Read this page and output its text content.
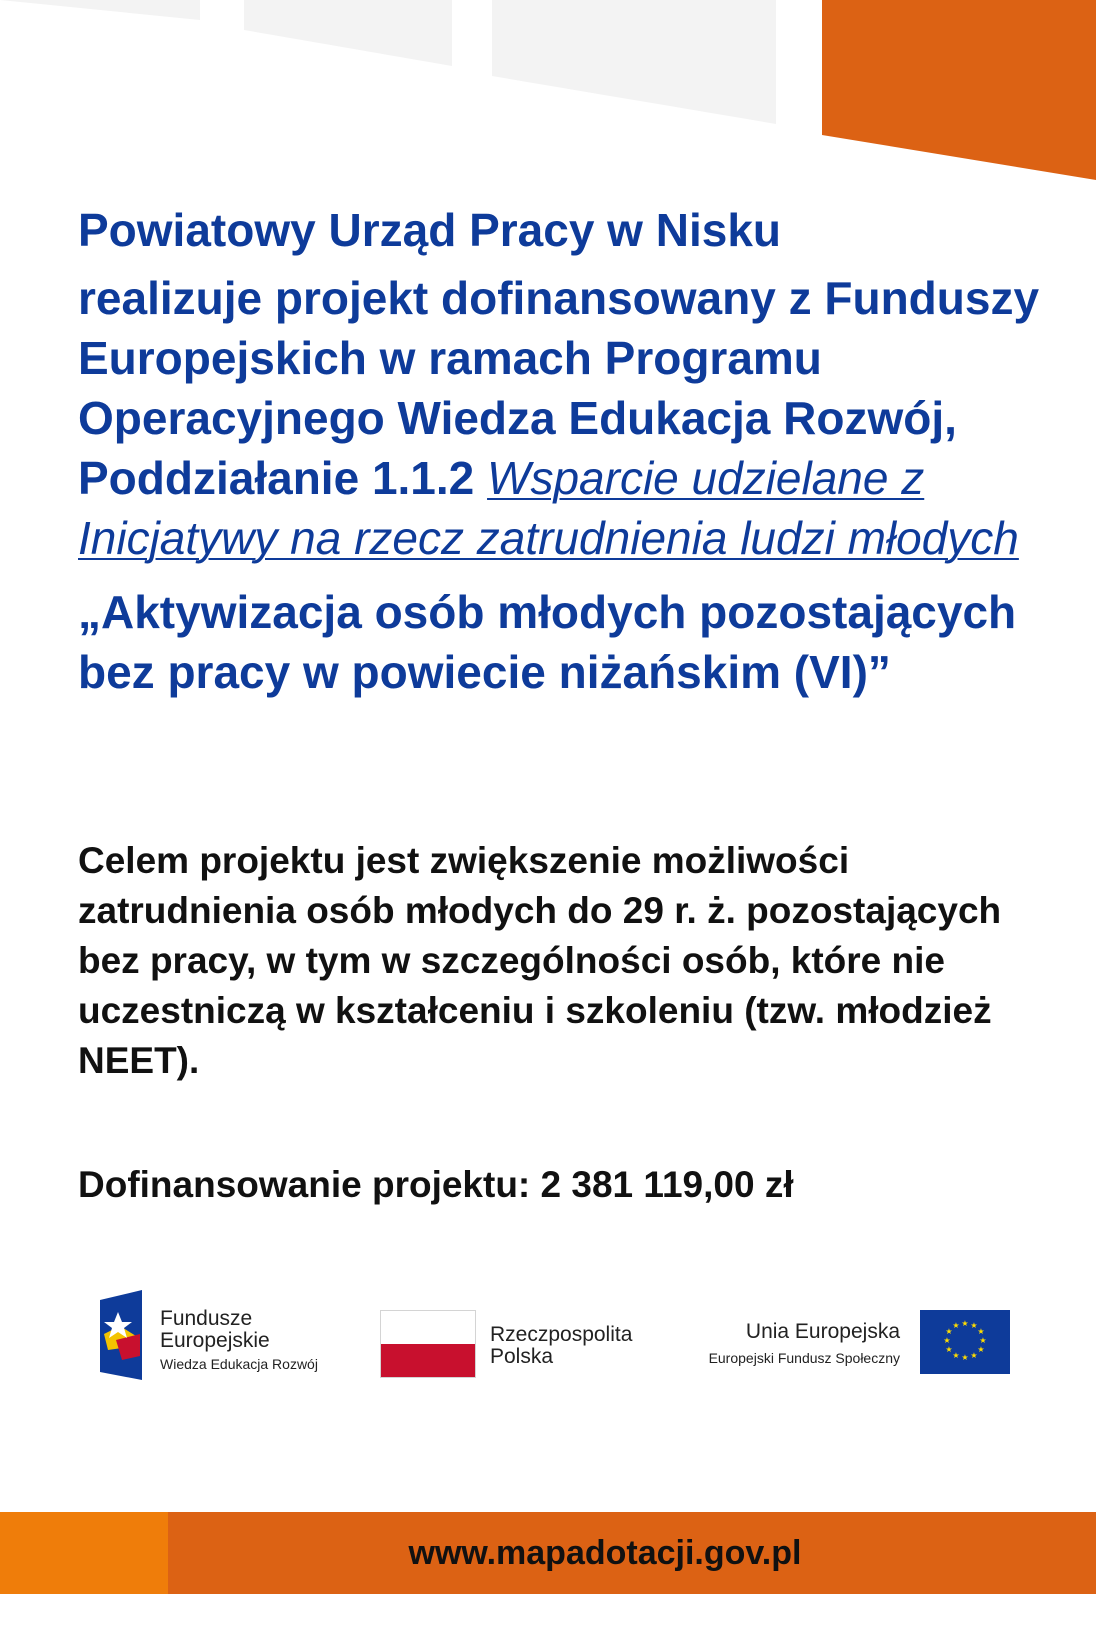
Powiatowy Urząd Pracy w Nisku
realizuje projekt dofinansowany z Funduszy Europejskich w ramach Programu Operacyjnego Wiedza Edukacja Rozwój, Poddziałanie 1.1.2 Wsparcie udzielane z Inicjatywy na rzecz zatrudnienia ludzi młodych
„Aktywizacja osób młodych pozostających bez pracy w powiecie niżańskim (VI)”

Celem projektu jest zwiększenie możliwości zatrudnienia osób młodych do 29 r. ż. pozostających bez pracy, w tym w szczególności osób, które nie uczestniczą w kształceniu i szkoleniu (tzw. młodzież NEET).

Dofinansowanie projektu: 2 381 119,00 zł

Fundusze
Europejskie
Wiedza Edukacja Rozwój
Rzeczpospolita
Polska
Unia Europejska
Europejski Fundusz Społeczny
★ ★
★
★
★
★
★
★
★
★
★
★
www.mapadotacji.gov.pl
